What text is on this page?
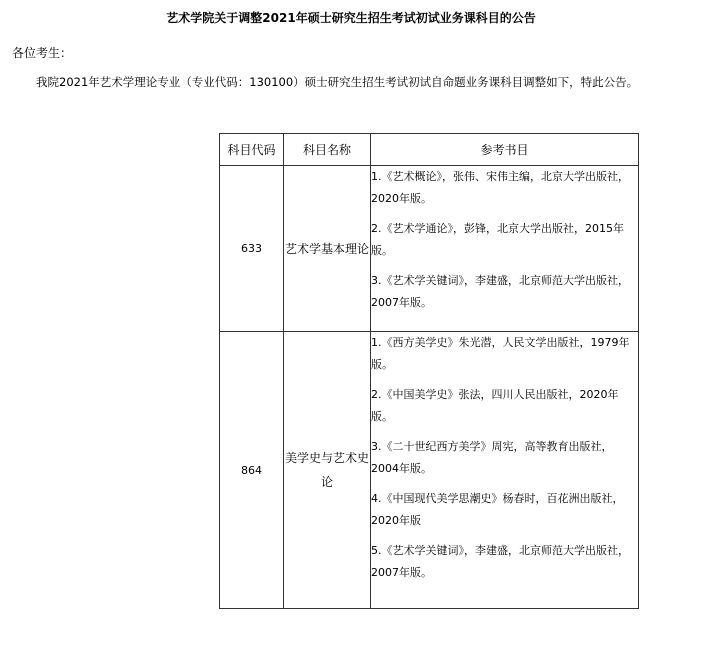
艺术学院关于调整2021年硕士研究生招生考试初试业务课科目的公告
各位考生：
我院2021年艺术学理论专业（专业代码：130100）硕士研究生招生考试初试自命题业务课科目调整如下，特此公告。
科目代码	科目名称	参考书目
633	艺术学基本理论	1.《艺术概论》，张伟、宋伟主编，北京大学出版社，2020年版。

2.《艺术学通论》，彭锋，北京大学出版社，2015年版。

3.《艺术学关键词》，李建盛，北京师范大学出版社，2007年版。

864	美学史与艺术史论	1.《西方美学史》朱光潜，人民文学出版社，1979年版。

2.《中国美学史》张法，四川人民出版社，2020年版。

3.《二十世纪西方美学》周宪，高等教育出版社，2004年版。

4.《中国现代美学思潮史》杨春时，百花洲出版社，2020年版

5.《艺术学关键词》，李建盛，北京师范大学出版社，2007年版。
